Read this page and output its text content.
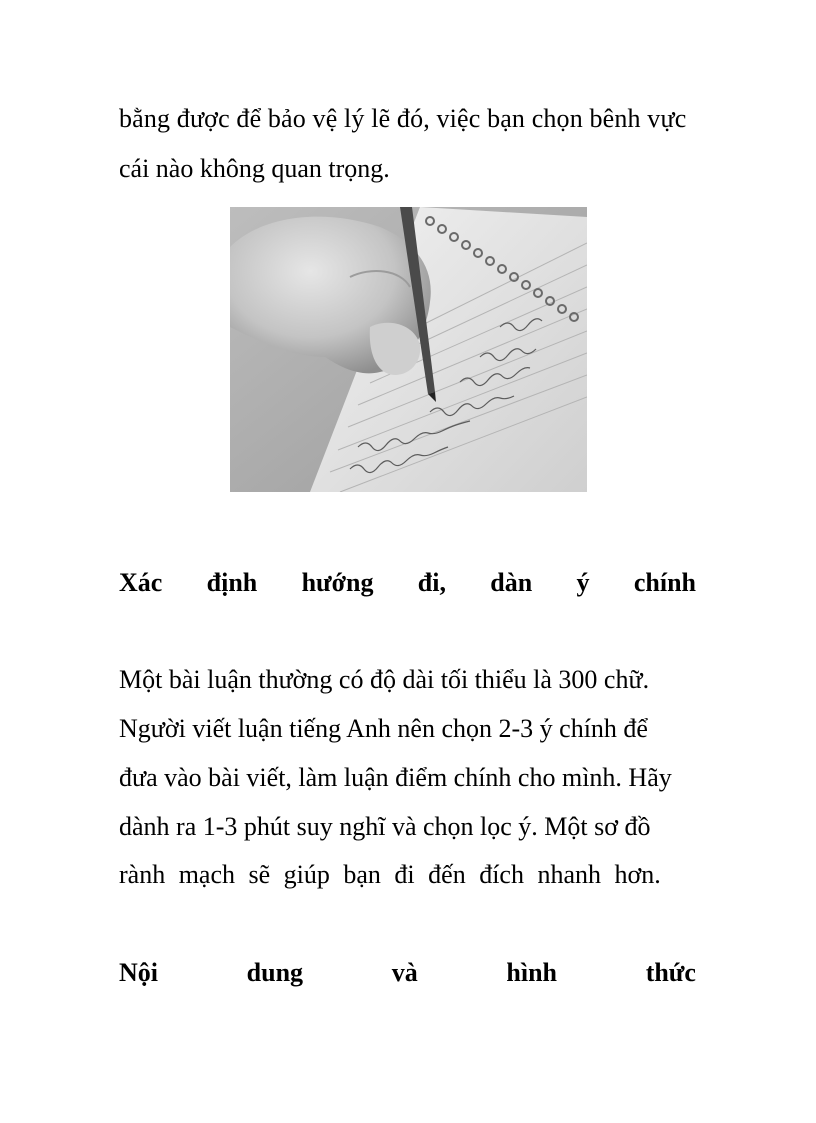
bằng được để bảo vệ lý lẽ đó, việc bạn chọn bênh vực
cái nào không quan trọng.
Xác định hướng đi, dàn ý chính
Một bài luận thường có độ dài tối thiểu là 300 chữ.
Người viết luận tiếng Anh nên chọn 2-3 ý chính để
đưa vào bài viết, làm luận điểm chính cho mình. Hãy
dành ra 1-3 phút suy nghĩ và chọn lọc ý. Một sơ đồ
rành mạch sẽ giúp bạn đi đến đích nhanh hơn.
Nội	dung	và	hình	thức
